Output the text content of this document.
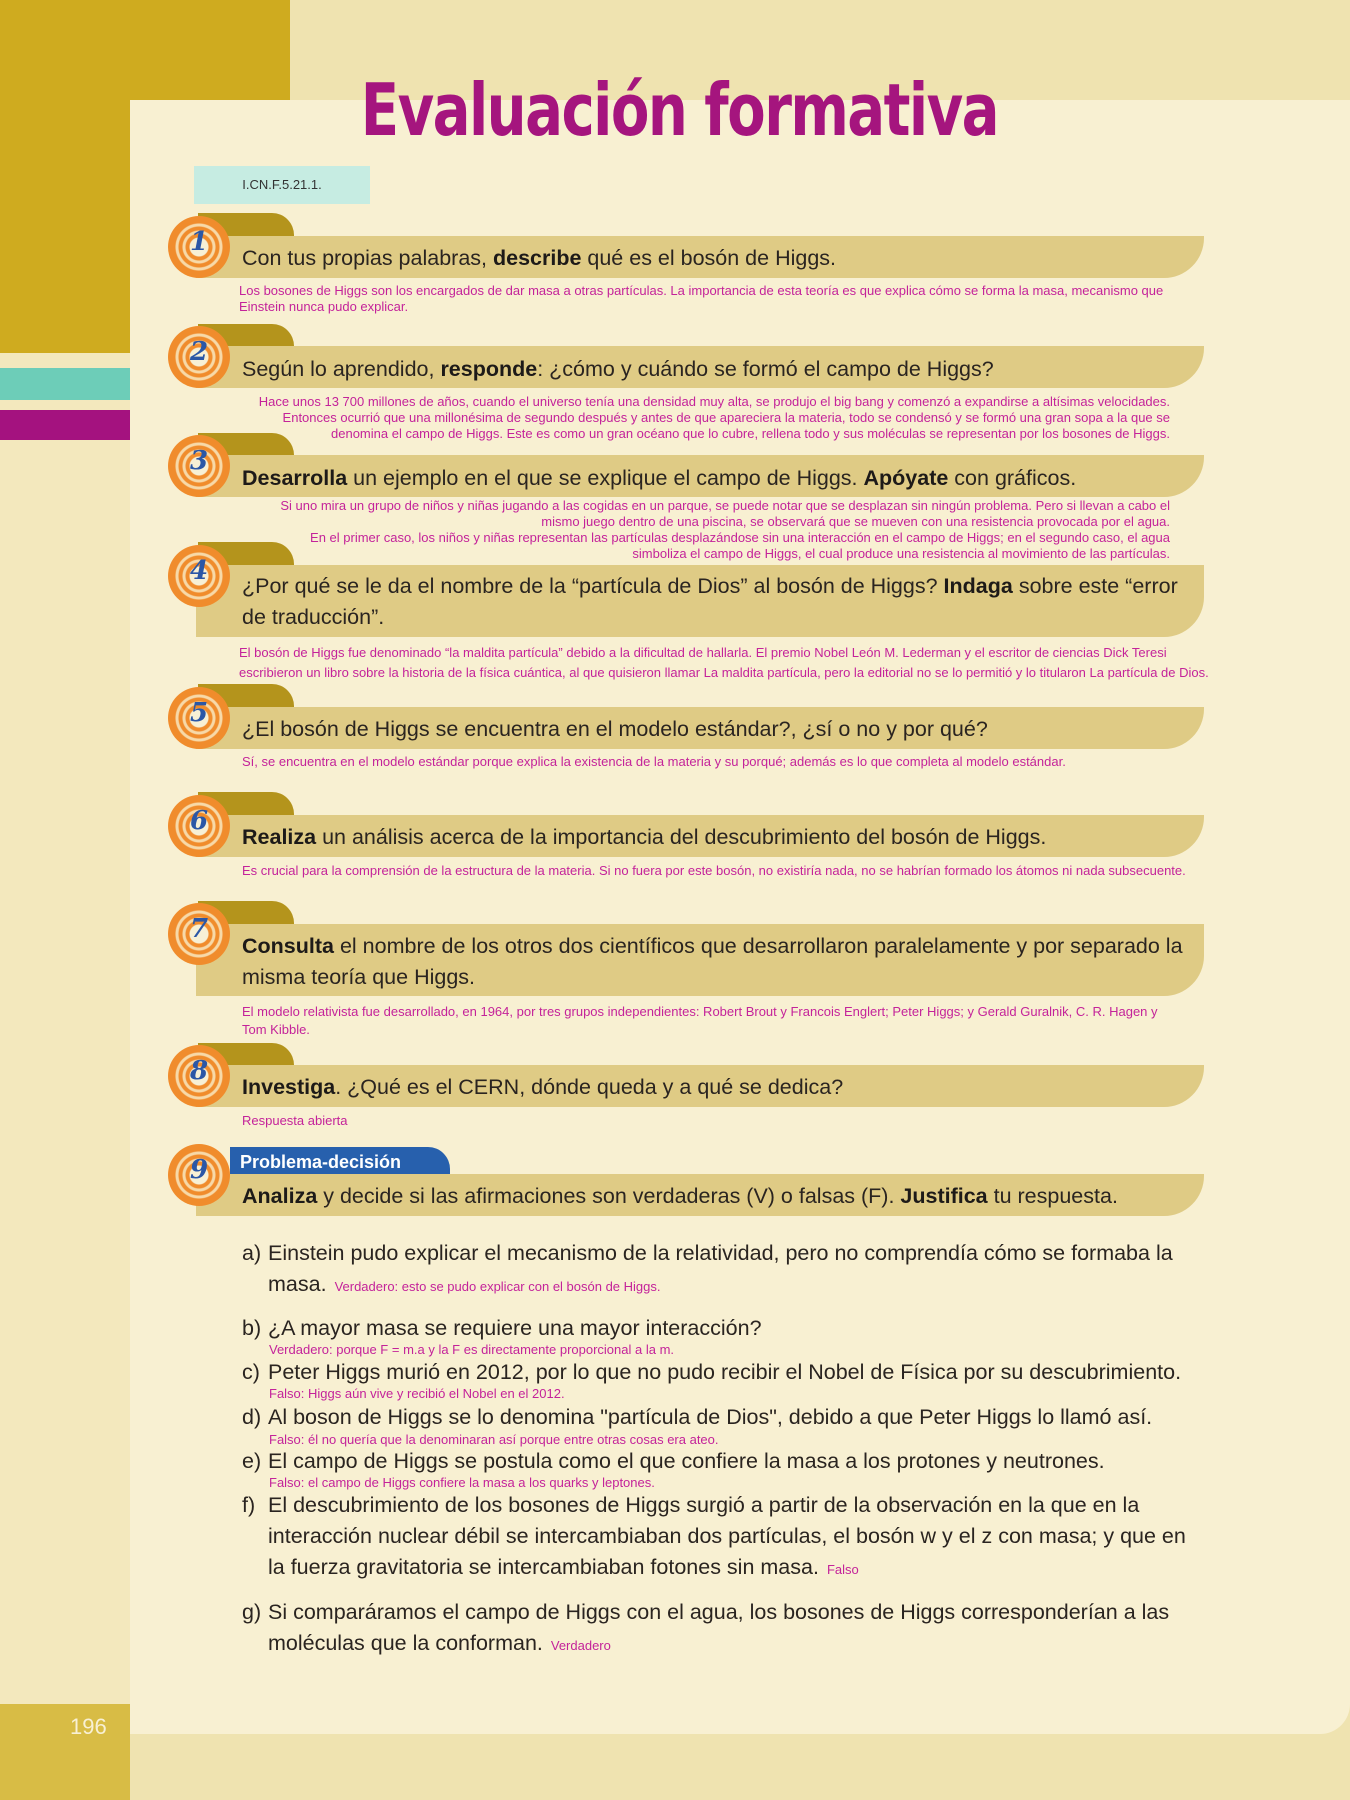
196
Evaluación formativa
I.CN.F.5.21.1.
1
Con tus propias palabras, describe qué es el bosón de Higgs.
Los bosones de Higgs son los encargados de dar masa a otras partículas. La importancia de esta teoría es que explica cómo se forma la masa, mecanismo que Einstein nunca pudo explicar.
2
Según lo aprendido, responde: ¿cómo y cuándo se formó el campo de Higgs?
Hace unos 13 700 millones de años, cuando el universo tenía una densidad muy alta, se produjo el big bang y comenzó a expandirse a altísimas velocidades. Entonces ocurrió que una millonésima de segundo después y antes de que apareciera la materia, todo se condensó y se formó una gran sopa a la que se denomina el campo de Higgs. Este es como un gran océano que lo cubre, rellena todo y sus moléculas se representan por los bosones de Higgs.
3
Desarrolla un ejemplo en el que se explique el campo de Higgs. Apóyate con gráficos.
Si uno mira un grupo de niños y niñas jugando a las cogidas en un parque, se puede notar que se desplazan sin ningún problema. Pero si llevan a cabo el mismo juego dentro de una piscina, se observará que se mueven con una resistencia provocada por el agua.
En el primer caso, los niños y niñas representan las partículas desplazándose sin una interacción en el campo de Higgs; en el segundo caso, el agua simboliza el campo de Higgs, el cual produce una resistencia al movimiento de las partículas.
4	¿Por qué se le da el nombre de la “partícula de Dios” al bosón de Higgs? Indaga sobre este “error de traducción”.
El bosón de Higgs fue denominado “la maldita partícula” debido a la dificultad de hallarla. El premio Nobel León M. Lederman y el escritor de ciencias Dick Teresi escribieron un libro sobre la historia de la física cuántica, al que quisieron llamar La maldita partícula, pero la editorial no se lo permitió y lo titularon La partícula de Dios.
5
¿El bosón de Higgs se encuentra en el modelo estándar?, ¿sí o no y por qué?
Sí, se encuentra en el modelo estándar porque explica la existencia de la materia y su porqué; además es lo que completa al modelo estándar.
6
Realiza un análisis acerca de la importancia del descubrimiento del bosón de Higgs.
Es crucial para la comprensión de la estructura de la materia. Si no fuera por este bosón, no existiría nada, no se habrían formado los átomos ni nada subsecuente.
7
Consulta el nombre de los otros dos científicos que desarrollaron paralelamente y por separado la misma teoría que Higgs.
El modelo relativista fue desarrollado, en 1964, por tres grupos independientes: Robert Brout y Francois Englert; Peter Higgs; y Gerald Guralnik, C. R. Hagen y Tom Kibble.
8
Investiga. ¿Qué es el CERN, dónde queda y a qué se dedica?
Respuesta abierta
Problema-decisión
9
Analiza y decide si las afirmaciones son verdaderas (V) o falsas (F). Justifica tu respuesta.
a) Einstein pudo explicar el mecanismo de la relatividad, pero no comprendía cómo se formaba la masa. Verdadero: esto se pudo explicar con el bosón de Higgs.
b) ¿A mayor masa se requiere una mayor interacción?
Verdadero: porque F = m.a y la F es directamente proporcional a la m.
c) Peter Higgs murió en 2012, por lo que no pudo recibir el Nobel de Física por su descubrimiento.
Falso: Higgs aún vive y recibió el Nobel en el 2012.
d) Al boson de Higgs se lo denomina "partícula de Dios", debido a que Peter Higgs lo llamó así.
Falso: él no quería que la denominaran así porque entre otras cosas era ateo.
e) El campo de Higgs se postula como el que confiere la masa a los protones y neutrones.
Falso: el campo de Higgs confiere la masa a los quarks y leptones.
f) El descubrimiento de los bosones de Higgs surgió a partir de la observación en la que en la interacción nuclear débil se intercambiaban dos partículas, el bosón w y el z con masa; y que en la fuerza gravitatoria se intercambiaban fotones sin masa. Falso
g) Si comparáramos el campo de Higgs con el agua, los bosones de Higgs corresponderían a las moléculas que la conforman. Verdadero
